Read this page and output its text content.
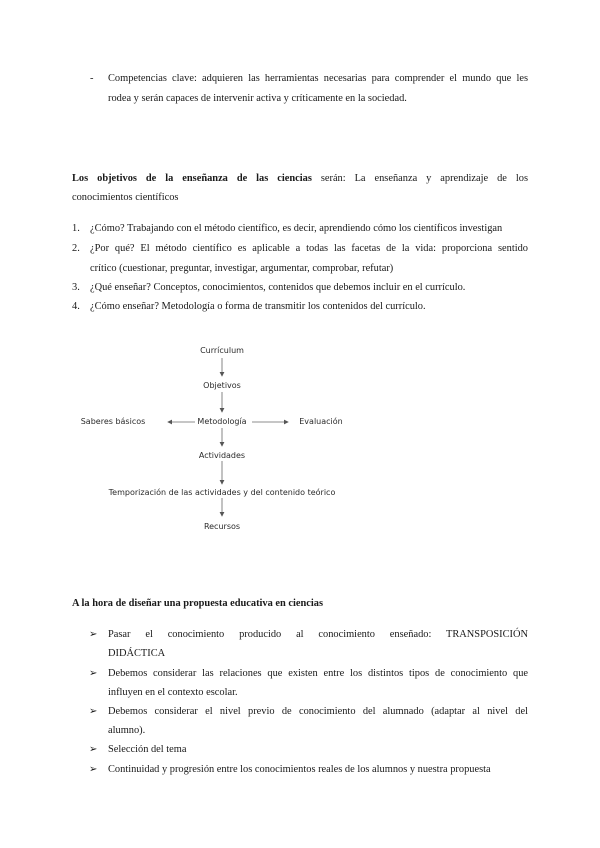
- Competencias clave: adquieren las herramientas necesarias para comprender el mundo que les
rodea y serán capaces de intervenir activa y críticamente en la sociedad.
Los objetivos de la enseñanza de las ciencias serán: La enseñanza y aprendizaje de los
conocimientos científicos
1. ¿Cómo? Trabajando con el método científico, es decir, aprendiendo cómo los científicos investigan
2. ¿Por qué? El método científico es aplicable a todas las facetas de la vida: proporciona sentido
crítico (cuestionar, preguntar, investigar, argumentar, comprobar, refutar)
3. ¿Qué enseñar? Conceptos, conocimientos, contenidos que debemos incluir en el currículo.
4. ¿Cómo enseñar? Metodología o forma de transmitir los contenidos del currículo.
Currículum
Objetivos
Metodología
Saberes básicos	Evaluación
Actividades
Temporización de las actividades y del contenido teórico
Recursos
A la hora de diseñar una propuesta educativa en ciencias
➢ Pasar el conocimiento producido al conocimiento enseñado: TRANSPOSICIÓN
DIDÁCTICA
➢ Debemos considerar las relaciones que existen entre los distintos tipos de conocimiento que
influyen en el contexto escolar.
➢ Debemos considerar el nivel previo de conocimiento del alumnado (adaptar al nivel del
alumno).
➢ Selección del tema
➢ Continuidad y progresión entre los conocimientos reales de los alumnos y nuestra propuesta
